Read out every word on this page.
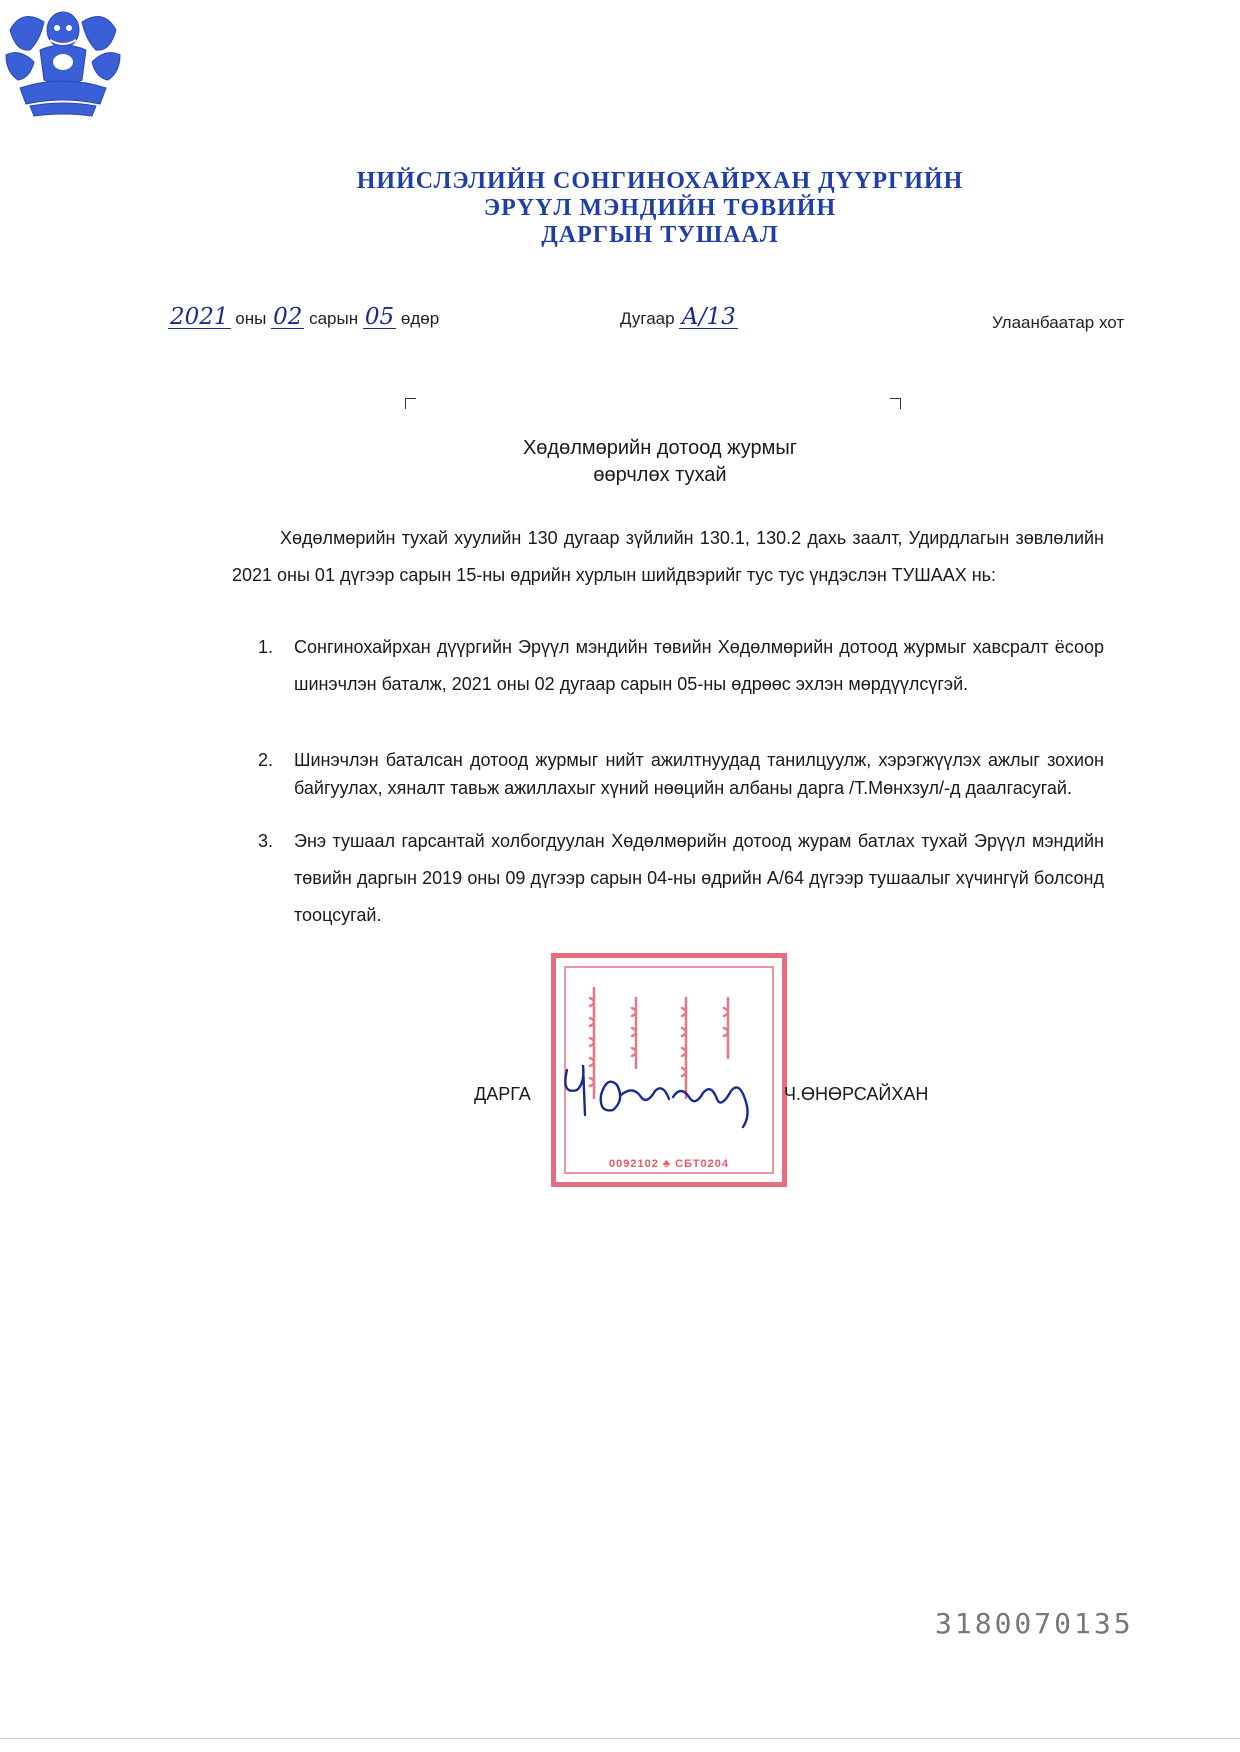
НИЙСЛЭЛИЙН СОНГИНОХАЙРХАН ДҮҮРГИЙН
ЭРҮҮЛ МЭНДИЙН ТӨВИЙН
ДАРГЫН ТУШААЛ
2021 оны 02 сарын 05 өдөр	Дугаар А/13	Улаанбаатар хот
Хөдөлмөрийн дотоод журмыг
өөрчлөх тухай
Хөдөлмөрийн тухай хуулийн 130 дугаар зүйлийн 130.1, 130.2 дахь заалт, Удирдлагын зөвлөлийн 2021 оны 01 дүгээр сарын 15-ны өдрийн хурлын шийдвэрийг тус тус үндэслэн ТУШААХ нь:
1. Сонгинохайрхан дүүргийн Эрүүл мэндийн төвийн Хөдөлмөрийн дотоод журмыг хавсралт ёсоор шинэчлэн баталж, 2021 оны 02 дугаар сарын 05-ны өдрөөс эхлэн мөрдүүлсүгэй.
2. Шинэчлэн баталсан дотоод журмыг нийт ажилтнуудад танилцуулж, хэрэгжүүлэх ажлыг зохион байгуулах, хяналт тавьж ажиллахыг хүний нөөцийн албаны дарга /Т.Мөнхзул/-д даалгасугай.
3. Энэ тушаал гарсантай холбогдуулан Хөдөлмөрийн дотоод журам батлах тухай Эрүүл мэндийн төвийн даргын 2019 оны 09 дүгээр сарын 04-ны өдрийн А/64 дүгээр тушаалыг хүчингүй болсонд тооцсугай.
0092102 ♣ СБТ0204
ДАРГА	Ч.ӨНӨРСАЙХАН
3180070135
